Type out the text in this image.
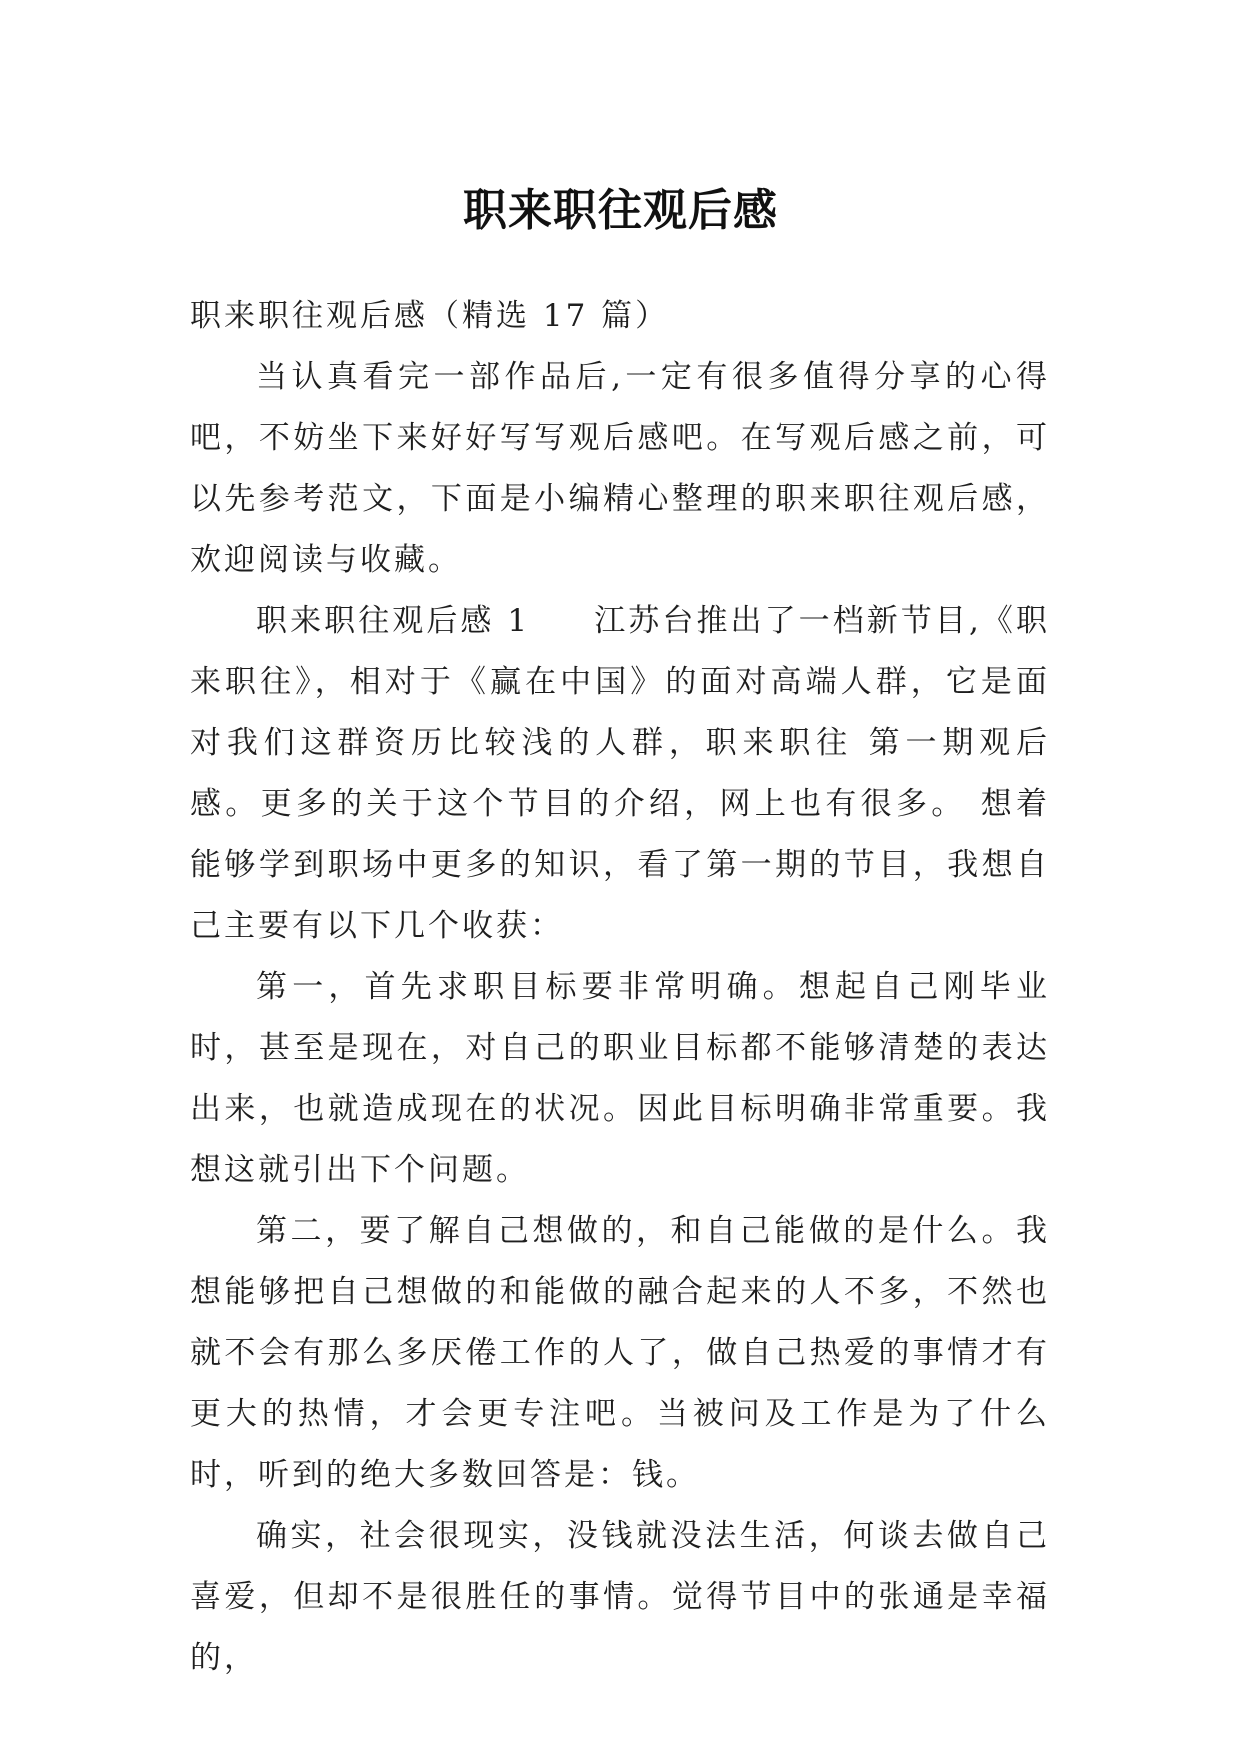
职来职往观后感

职来职往观后感（精选 17 篇）

当认真看完一部作品后,一定有很多值得分享的心得吧，不妨坐下来好好写写观后感吧。在写观后感之前，可以先参考范文，下面是小编精心整理的职来职往观后感，欢迎阅读与收藏。

职来职往观后感 1 江苏台推出了一档新节目,《职来职往》，相对于《赢在中国》的面对高端人群，它是面对我们这群资历比较浅的人群，职来职往 第一期观后感。更多的关于这个节目的介绍，网上也有很多。 想着能够学到职场中更多的知识，看了第一期的节目，我想自己主要有以下几个收获：

第一，首先求职目标要非常明确。想起自己刚毕业时，甚至是现在，对自己的职业目标都不能够清楚的表达出来，也就造成现在的状况。因此目标明确非常重要。我想这就引出下个问题。

第二，要了解自己想做的，和自己能做的是什么。我想能够把自己想做的和能做的融合起来的人不多，不然也就不会有那么多厌倦工作的人了，做自己热爱的事情才有更大的热情，才会更专注吧。当被问及工作是为了什么时，听到的绝大多数回答是：钱。

确实，社会很现实，没钱就没法生活，何谈去做自己喜爱，但却不是很胜任的事情。觉得节目中的张通是幸福的，
